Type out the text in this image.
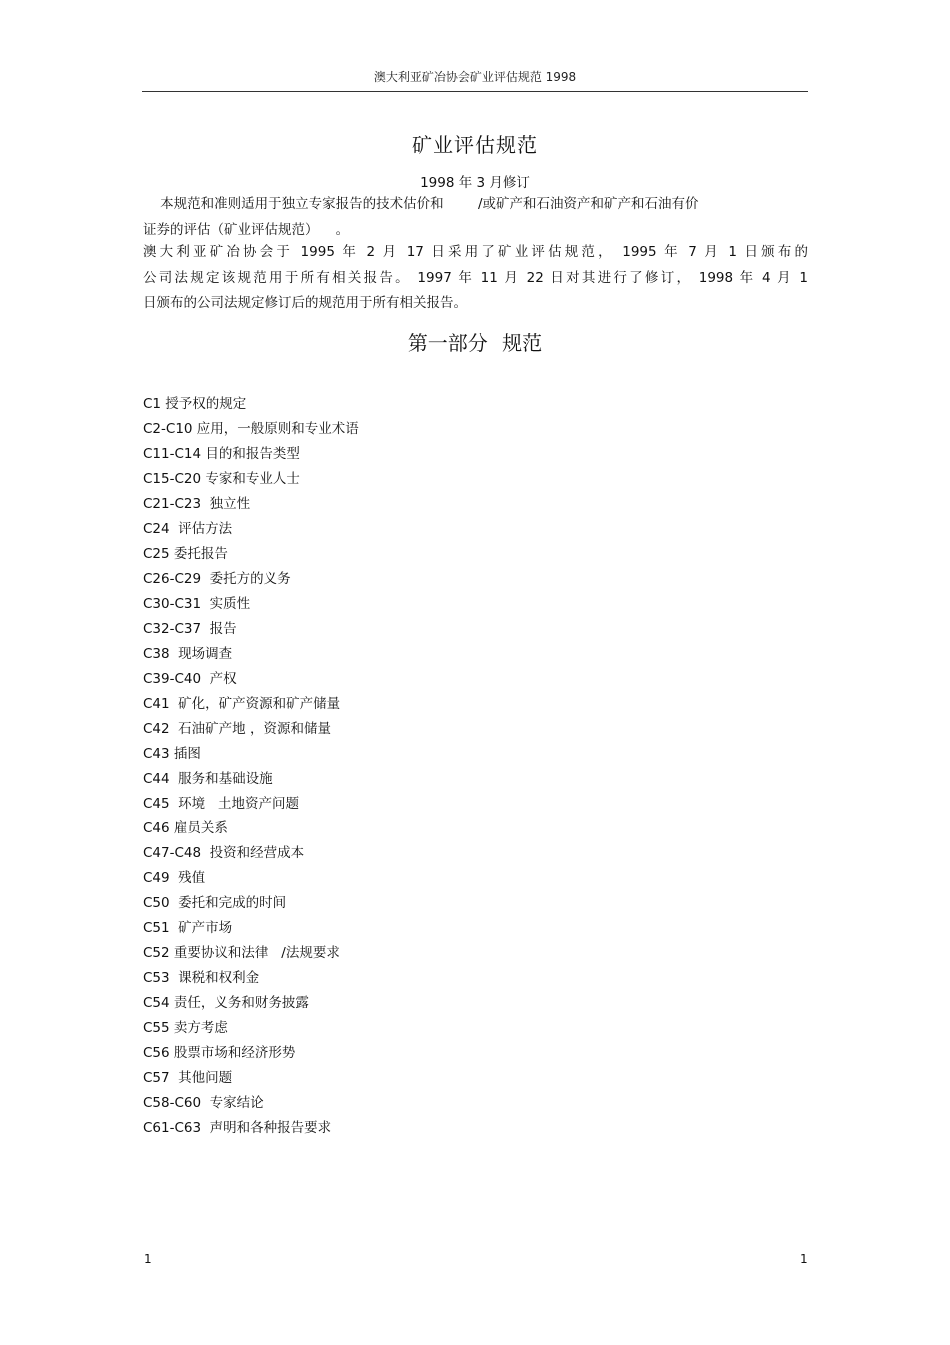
澳大利亚矿冶协会矿业评估规范 1998
矿业评估规范
1998 年 3 月修订
本规范和准则适用于独立专家报告的技术估价和        /或矿产和石油资产和矿产和石油有价
证券的评估（矿业评估规范）    。
澳大利亚矿冶协会于 1995 年 2 月 17 日采用了矿业评估规范， 1995 年 7 月 1 日颁布的
公司法规定该规范用于所有相关报告。 1997 年 11 月 22 日对其进行了修订， 1998 年 4 月 1
日颁布的公司法规定修订后的规范用于所有相关报告。
第一部分 规范
C1 授予权的规定
C2-C10 应用，一般原则和专业术语
C11-C14 目的和报告类型
C15-C20 专家和专业人士
C21-C23  独立性
C24  评估方法
C25 委托报告
C26-C29  委托方的义务
C30-C31  实质性
C32-C37  报告
C38  现场调查
C39-C40  产权
C41  矿化，矿产资源和矿产储量
C42  石油矿产地 ，资源和储量
C43 插图
C44  服务和基础设施
C45  环境   土地资产问题
C46 雇员关系
C47-C48  投资和经营成本
C49  残值
C50  委托和完成的时间
C51  矿产市场
C52 重要协议和法律   /法规要求
C53  课税和权利金
C54 责任，义务和财务披露
C55 卖方考虑
C56 股票市场和经济形势
C57  其他问题
C58-C60  专家结论
C61-C63  声明和各种报告要求
1	1
